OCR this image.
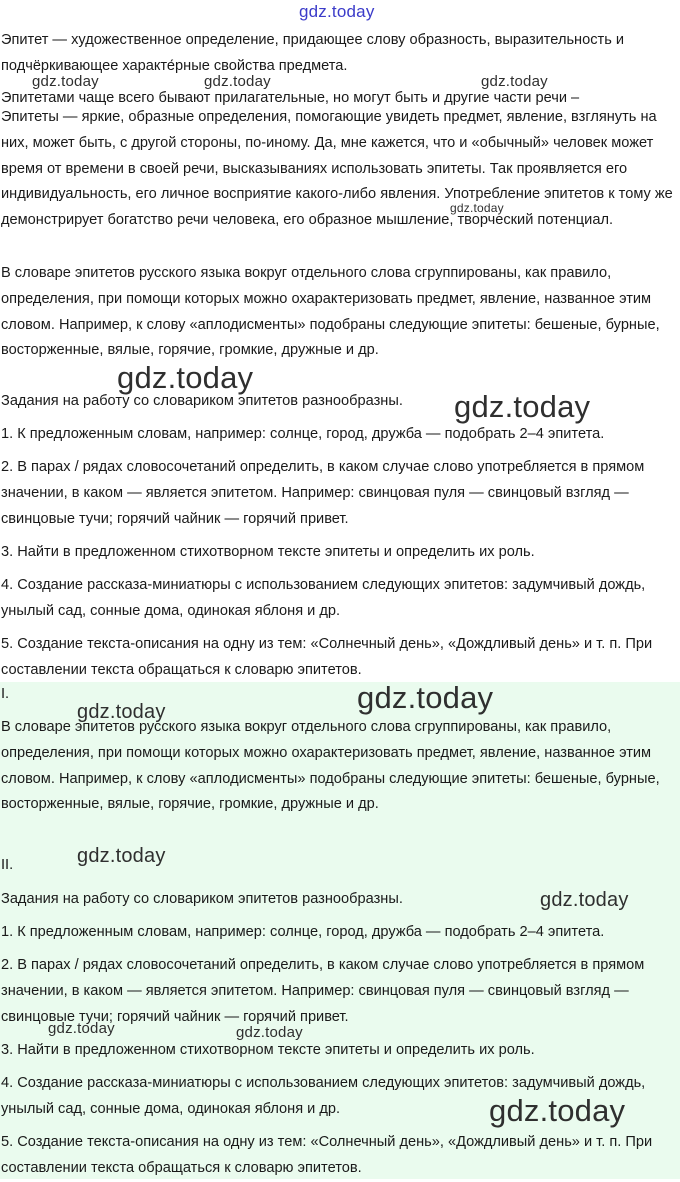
Эпитет — художественное определение, придающее слову образность, выразительность и подчёркивающее характе́рные свойства предмета.

Эпитетами чаще всего бывают прилагательные, но могут быть и другие части речи –

Эпитеты — яркие, образные определения, помогающие увидеть предмет, явление, взглянуть на них, может быть, с другой стороны, по-иному. Да, мне кажется, что и «обычный» человек может время от времени в своей речи, высказываниях использовать эпитеты. Так проявляется его индивидуальность, его личное восприятие какого-либо явления. Употребление эпитетов к тому же демонстрирует богатство речи человека, его образное мышление, творческий потенциал.

В словаре эпитетов русского языка вокруг отдельного слова сгруппированы, как правило, определения, при помощи которых можно охарактеризовать предмет, явление, названное этим словом. Например, к слову «аплодисменты» подобраны следующие эпитеты: бешеные, бурные, восторженные, вялые, горячие, громкие, дружные и др.

Задания на работу со словариком эпитетов разнообразны.

1. К предложенным словам, например: солнце, город, дружба — подобрать 2–4 эпитета.

2. В парах / рядах словосочетаний определить, в каком случае слово употребляется в прямом значении, в каком — является эпитетом. Например: свинцовая пуля — свинцовый взгляд — свинцовые тучи; горячий чайник — горячий привет.

3. Найти в предложенном стихотворном тексте эпитеты и определить их роль.

4. Создание рассказа-миниатюры с использованием следующих эпитетов: задумчивый дождь, унылый сад, сонные дома, одинокая яблоня и др.

5. Создание текста-описания на одну из тем: «Солнечный день», «Дождливый день» и т. п. При составлении текста обращаться к словарю эпитетов.

I.

В словаре эпитетов русского языка вокруг отдельного слова сгруппированы, как правило, определения, при помощи которых можно охарактеризовать предмет, явление, названное этим словом. Например, к слову «аплодисменты» подобраны следующие эпитеты: бешеные, бурные, восторженные, вялые, горячие, громкие, дружные и др.

II.

Задания на работу со словариком эпитетов разнообразны.

1. К предложенным словам, например: солнце, город, дружба — подобрать 2–4 эпитета.

2. В парах / рядах словосочетаний определить, в каком случае слово употребляется в прямом значении, в каком — является эпитетом. Например: свинцовая пуля — свинцовый взгляд — свинцовые тучи; горячий чайник — горячий привет.

3. Найти в предложенном стихотворном тексте эпитеты и определить их роль.

4. Создание рассказа-миниатюры с использованием следующих эпитетов: задумчивый дождь, унылый сад, сонные дома, одинокая яблоня и др.

5. Создание текста-описания на одну из тем: «Солнечный день», «Дождливый день» и т. п. При составлении текста обращаться к словарю эпитетов.

gdz.today
gdz.today	gdz.today	gdz.today
gdz.today
gdz.today
gdz.today
gdz.today
gdz.today
gdz.today
gdz.today
gdz.today	gdz.today
gdz.today
